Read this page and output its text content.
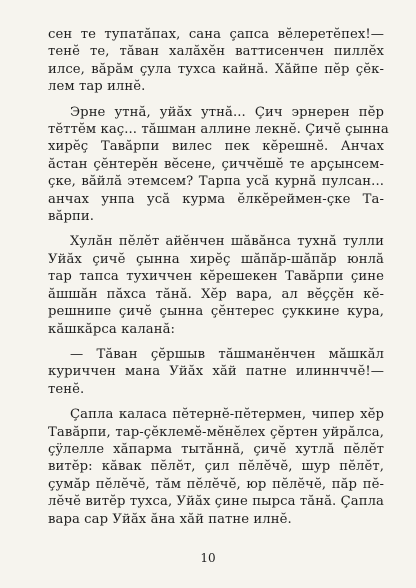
сен те тупатăпах, сана çапса вĕлеретĕпех!—
тенĕ те, тăван халăхĕн ваттисенчен пиллĕх
илсе, вăрăм çула тухса кайнă. Хăйпе пĕр çĕк-
лем тар илнĕ.

Эрне утнă, уйăх утнă... Çич эрнерен пĕр
тĕттĕм каç... тăшман аллине лекнĕ. Çичĕ çынна
хирĕç Тавăрпи вилес пек кĕрешнĕ. Анчах
ăстан çĕнтерĕн вĕсене, çиччĕшĕ те арçынсем-
çке, вăйлă этемсем? Тарпа усă курнă пулсан...
анчах унпа усă курма ĕлкĕреймен-çке Та-
вăрпи.

Хулăн пĕлĕт айĕнчен шăвăнса тухнă тулли
Уйăх çичĕ çынна хирĕç шăпăр-шăпăр юнлă
тар тапса тухиччен кĕрешекен Тавăрпи çине
ăшшăн пăхса тăнă. Хĕр вара, ал вĕççĕн кĕ-
решнипе çичĕ çынна çĕнтерес çуккине кура,
кăшкăрса каланă:

— Тăван çĕршыв тăшманĕнчен мăшкăл
куриччен мана Уйăх хăй патне илиннччĕ!—
тенĕ.

Çапла каласа пĕтернĕ-пĕтермен, чипер хĕр
Тавăрпи, тар-çĕклемĕ-мĕнĕлех çĕртен уйрăлса,
çÿлелле хăпарма тытăннă, çичĕ хутлă пĕлĕт
витĕр: кăвак пĕлĕт, çил пĕлĕчĕ, шур пĕлĕт,
çумăр пĕлĕчĕ, тăм пĕлĕчĕ, юр пĕлĕчĕ, пăр пĕ-
лĕчĕ витĕр тухса, Уйăх çине пырса тăнă. Çапла
вара сар Уйăх ăна хăй патне илнĕ.

10
